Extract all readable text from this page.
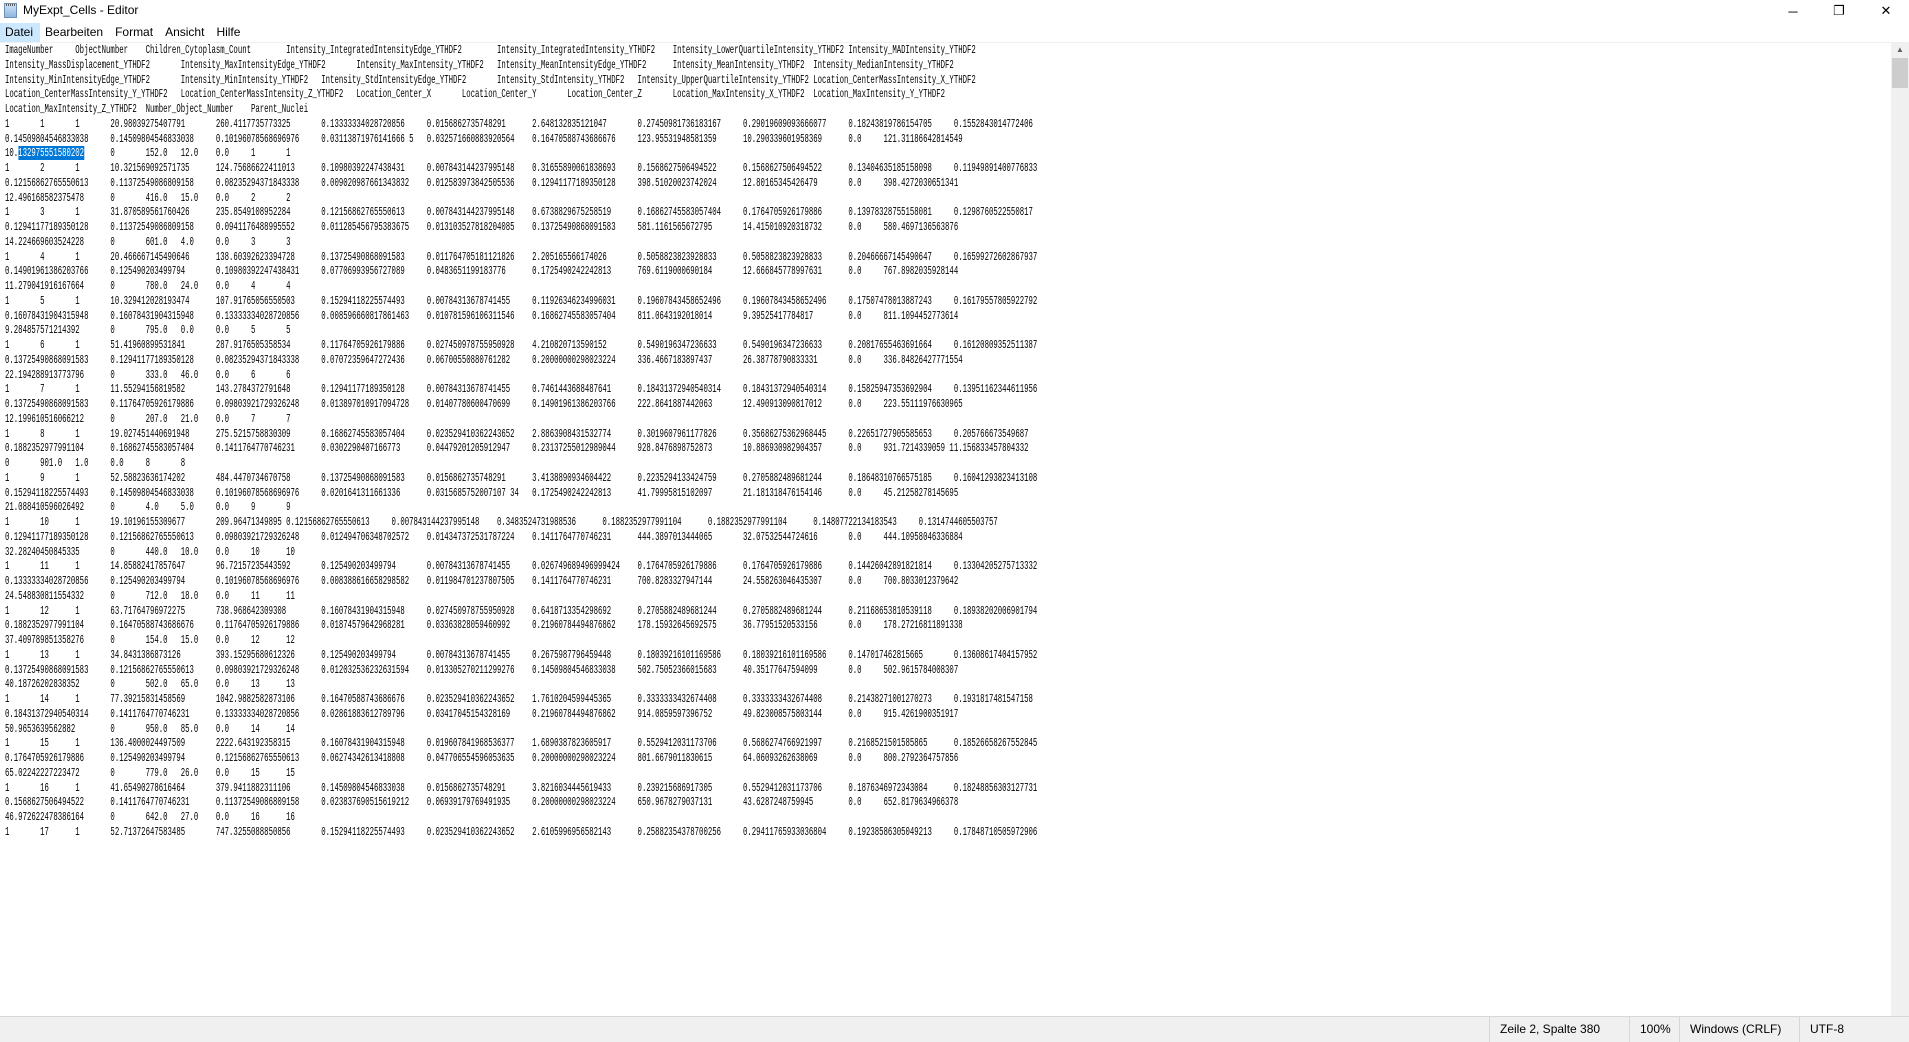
MyExpt_Cells - Editor	─	❐	✕
Datei	Bearbeiten	Format	Ansicht	Hilfe
ImageNumber	ObjectNumber	Children_Cytoplasm_Count	Intensity_IntegratedIntensityEdge_YTHDF2	Intensity_IntegratedIntensity_YTHDF2	Intensity_LowerQuartileIntensity_YTHDF2 Intensity_MADIntensity_YTHDF2
Intensity_MassDisplacement_YTHDF2	Intensity_MaxIntensityEdge_YTHDF2	Intensity_MaxIntensity_YTHDF2	Intensity_MeanIntensityEdge_YTHDF2	Intensity_MeanIntensity_YTHDF2	Intensity_MedianIntensity_YTHDF2
Intensity_MinIntensityEdge_YTHDF2	Intensity_MinIntensity_YTHDF2	Intensity_StdIntensityEdge_YTHDF2	Intensity_StdIntensity_YTHDF2	Intensity_UpperQuartileIntensity_YTHDF2 Location_CenterMassIntensity_X_YTHDF2
Location_CenterMassIntensity_Y_YTHDF2	Location_CenterMassIntensity_Z_YTHDF2	Location_Center_X	Location_Center_Y	Location_Center_Z	Location_MaxIntensity_X_YTHDF2	Location_MaxIntensity_Y_YTHDF2
Location_MaxIntensity_Z_YTHDF2	Number_Object_Number	Parent_Nuclei
1	1	1	20.98039275407791	260.4117735773325	0.13333334028720856	0.0156862735748291	2.648132835121047	0.27450981736183167	0.29019609093666077	0.18243819786154705	0.1552843014772406
0.14509804546833038	0.14509804546833038	0.10196078568696976	0.03113871976141666 5	0.032571660883920564	0.16470588743686676	123.95531948581359	10.290339601958369	0.0	121.31186642814549
10.132975551580202	0	152.0	12.0	0.0	1	1
1	2	1	10.321569092571735	124.75686622411013	0.10980392247438431	0.007843144237995148	0.31655890061838693	0.1568627506494522	0.1568627506494522	0.13404635185158098	0.11949891400776833
0.12156862765550613	0.11372549086809158	0.08235294371843338	0.009020987661343832	0.012583973842505536	0.12941177189350128	398.51020023742024	12.80165345426479	0.0	398.4272030651341
12.496168582375478	0	416.0	15.0	0.0	2	2
1	3	1	31.870589561760426	235.8549108952284	0.12156862765550613	0.007843144237995148	0.6738829675258519	0.16862745583057404	0.1764705926179886	0.13978328755158081	0.1298760522550817
0.12941177189350128	0.11372549086809158	0.0941176488995552	0.011285456795383675	0.013103527818204085	0.13725490868091583	581.1161565672795	14.415010920318732	0.0	580.4697136563876
14.224669603524228	0	601.0	4.0	0.0	3	3
1	4	1	20.466667145490646	138.60392623394728	0.13725490868091583	0.011764705181121826	2.205165566174026	0.5058823823928833	0.5058823823928833	0.20466667145490647	0.16599272602867937
0.14901961386203766	0.125490203499794	0.10980392247438431	0.07706993956727089	0.0483651199183776	0.1725490242242813	769.6119000690184	12.666845778997631	0.0	767.8982035928144
11.279041916167664	0	780.0	24.0	0.0	4	4
1	5	1	10.329412028193474	107.91765056550503	0.15294118225574493	0.00784313678741455	0.11926346234996031	0.19607843458652496	0.19607843458652496	0.17507478013887243	0.16179557805922792
0.16078431904315948	0.16078431904315948	0.13333334028720856	0.008596660817861463	0.010781596106311546	0.16862745583057404	811.0643192018014	9.39525417784817	0.0	811.1094452773614
9.284857571214392	0	795.0	0.0	0.0	5	5
1	6	1	51.41960899531841	287.9176505358534	0.11764705926179886	0.027450978755950928	4.210820713590152	0.5490196347236633	0.5490196347236633	0.20817655463691664	0.16120809352511387
0.13725490868091583	0.12941177189350128	0.08235294371843338	0.07072359647272436	0.06700550880761282	0.20000000298023224	336.4667183897437	26.38778790833331	0.0	336.84826427771554
22.194288913773796	0	333.0	46.0	0.0	6	6
1	7	1	11.55294156819582	143.2784372791648	0.12941177189350128	0.00784313678741455	0.7461443688487641	0.18431372940540314	0.18431372940540314	0.15825947353692904	0.13951162344611956
0.13725490868091583	0.11764705926179886	0.09803921729326248	0.013897010917094728	0.01407780600470699	0.14901961386203766	222.8641887442063	12.490913090817012	0.0	223.55111976630965
12.199610516066212	0	207.0	21.0	0.0	7	7
1	8	1	19.027451440691948	275.5215758830309	0.16862745583057404	0.023529410362243652	2.8863908431532774	0.3019607961177826	0.35686275362968445	0.22651727905585653	0.205766673549687
0.1882352977991104	0.16862745583057404	0.1411764770746231	0.0302290407166773	0.04479201205912947	0.23137255012989044	928.8476898752873	10.886930982904357	0.0	931.7214339059 11.156833457804332
0	901.0	1.0	0.0	8	8
1	9	1	52.58823636174202	484.4470734670758	0.13725490868091583	0.0156862735748291	3.4138890934604422	0.2235294133424759	0.2705882489681244	0.18648310766575185	0.16041293823413108
0.15294118225574493	0.14509804546833038	0.10196078568696976	0.0201641311661336	0.0315685752007107 34	0.1725490242242813	41.79995815102097	21.181318476154146	0.0	45.21258278145695
21.088410596026492	0	4.0	5.0	0.0	9	9
1	10	1	19.10196155309677	209.96471349895 0.12156862765550613	0.007843144237995148	0.3483524731988536	0.1882352977991104	0.1882352977991104	0.14807722134183543	0.1314744605503757
0.12941177189350128	0.12156862765550613	0.09803921729326248	0.012494706348702572	0.014347372531787224	0.1411764770746231	444.3897013444065	32.07532544724616	0.0	444.10958046336884
32.28240450845335	0	440.0	10.0	0.0	10	10
1	11	1	14.85882417857647	96.72157235443592	0.125490203499794	0.00784313678741455	0.026749689496999424	0.1764705926179886	0.1764705926179886	0.14426042891821814	0.13304205275713332
0.13333334028720856	0.125490203499794	0.10196078568696976	0.008388616658298582	0.011984701237807505	0.1411764770746231	700.8283327947144	24.558263046435307	0.0	700.8033012379642
24.548830811554332	0	712.0	18.0	0.0	11	11
1	12	1	63.71764796972275	738.968642309308	0.16078431904315948	0.027450978755950928	0.6418713354298692	0.2705882489681244	0.2705882489681244	0.21168653810539118	0.18938202006901794
0.1882352977991104	0.16470588743686676	0.11764705926179886	0.01874579642968281	0.03363828059460992	0.21960784494876862	178.15932645692575	36.77951520533156	0.0	178.27216811891338
37.409789851358276	0	154.0	15.0	0.0	12	12
1	13	1	34.8431386873126	393.15295680612326	0.125490203499794	0.00784313678741455	0.2675987796459448	0.18039216101169586	0.18039216101169586	0.147017462815665	0.13608617404157952
0.13725490868091583	0.12156862765550613	0.09803921729326248	0.012032536232631594	0.013305270211299276	0.14509804546833038	502.75052366015683	40.35177647594099	0.0	502.9615784008307
40.18726202838352	0	502.0	65.0	0.0	13	13
1	14	1	77.39215831458569	1042.9882582873106	0.16470588743686676	0.023529410362243652	1.7610204599445365	0.3333333432674408	0.3333333432674408	0.21438271001270273	0.1931817481547158
0.18431372940540314	0.1411764770746231	0.13333334028720856	0.02861883612789796	0.03417045154328169	0.21960784494876862	914.0859597396752	49.823008575803144	0.0	915.4261900351917
50.9653639562882	0	950.0	85.0	0.0	14	14
1	15	1	136.4000024497509	2222.643192358315	0.16078431904315948	0.019607841968536377	1.6890387823605917	0.5529412031173706	0.5686274766921997	0.2168521501585865	0.18526658267552845
0.1764705926179886	0.125490203499794	0.12156862765550613	0.06274342613418808	0.047706554596053635	0.20000000298023224	801.6679011830615	64.06093262638069	0.0	800.2792364757856
65.02242227223472	0	779.0	26.0	0.0	15	15
1	16	1	41.65490278616464	379.9411882311106	0.14509804546833038	0.0156862735748291	3.8216034445619433	0.239215686917305	0.5529412031173706	0.1876346972343084	0.18248856303127731
0.1568627506494522	0.1411764770746231	0.11372549086809158	0.023837690515619212	0.06939179769491935	0.20000000298023224	650.9678279037131	43.6287248759945	0.0	652.8179634966378
46.972622478386164	0	642.0	27.0	0.0	16	16
1	17	1	52.71372647583485	747.3255088850856	0.15294118225574493	0.023529410362243652	2.6105996956582143	0.25882354378700256	0.29411765933036804	0.19238586305049213	0.17848710505972906

▲
Zeile 2, Spalte 380	100%	Windows (CRLF)	UTF-8
